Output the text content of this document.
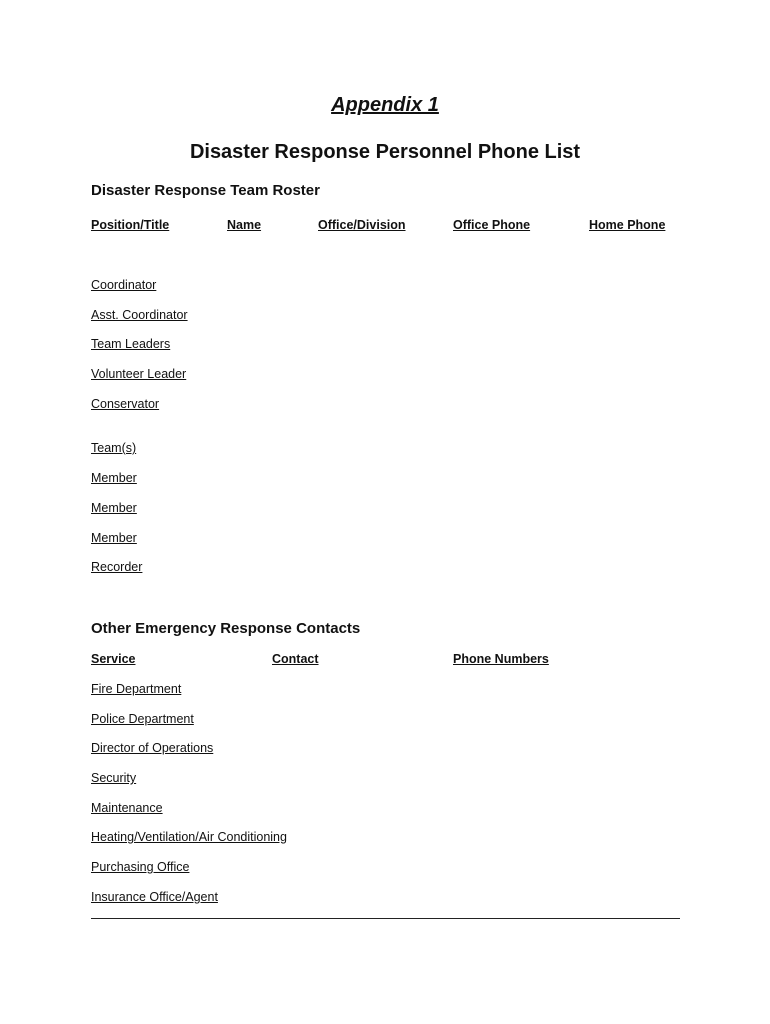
Appendix 1
Disaster Response Personnel Phone List
Disaster Response Team Roster
Position/Title	Name	Office/Division	Office Phone	Home Phone
Coordinator
Asst. Coordinator
Team Leaders
Volunteer Leader
Conservator
Team(s)
Member
Member
Member
Recorder
Other Emergency Response Contacts
Service	Contact	Phone Numbers
Fire Department
Police Department
Director of Operations
Security
Maintenance
Heating/Ventilation/Air Conditioning
Purchasing Office
Insurance Office/Agent
